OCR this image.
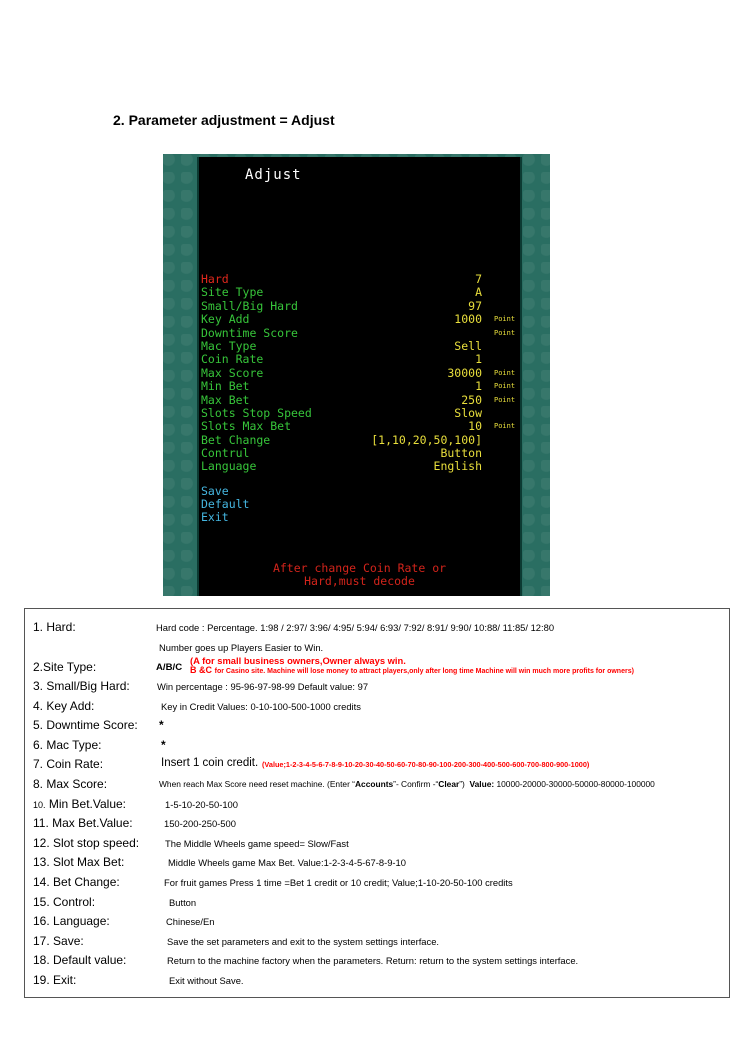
2. Parameter adjustment = Adjust
Adjust
Hard	7
Site Type	A
Small/Big Hard	97
Key Add	1000 Point
Downtime Score	Point
Mac Type	Sell
Coin Rate	1
Max Score	30000 Point
Min Bet	1 Point
Max Bet	250 Point
Slots Stop Speed	Slow
Slots Max Bet	10 Point
Bet Change	[1,10,20,50,100]
Contrul	Button
Language	English
Save
Default
Exit
After change Coin Rate or
Hard,must decode
1. Hard:	Hard code : Percentage. 1:98 / 2:97/ 3:96/ 4:95/ 5:94/ 6:93/ 7:92/ 8:91/ 9:90/ 10:88/ 11:85/ 12:80
Number goes up Players Easier to Win.
2.Site Type:	A/B/C
(A for small business owners,Owner always win.
B &C for Casino site. Machine will lose money to attract players,only after long time Machine will win much more profits for owners)
3. Small/Big Hard:	Win percentage : 95-96-97-98-99 Default value: 97
4. Key Add:	Key in Credit Values: 0-10-100-500-1000 credits
5. Downtime Score: *
6. Mac Type:	*
7. Coin Rate:	Insert 1 coin credit. (Value;1-2-3-4-5-6-7-8-9-10-20-30-40-50-60-70-80-90-100-200-300-400-500-600-700-800-900-1000)
8. Max Score:	When reach Max Score need reset machine. (Enter “Accounts”- Confirm -“Clear”) Value: 10000-20000-30000-50000-80000-100000
10. Min Bet.Value:	1-5-10-20-50-100
11. Max Bet.Value:	150-200-250-500
12. Slot stop speed:	The Middle Wheels game speed= Slow/Fast
13. Slot Max Bet:	Middle Wheels game Max Bet. Value:1-2-3-4-5-67-8-9-10
14. Bet Change:	For fruit games Press 1 time =Bet 1 credit or 10 credit; Value;1-10-20-50-100 credits
15. Control:	Button
16. Language:	Chinese/En
17. Save:	Save the set parameters and exit to the system settings interface.
18. Default value:	Return to the machine factory when the parameters. Return: return to the system settings interface.
19. Exit:	Exit without Save.
